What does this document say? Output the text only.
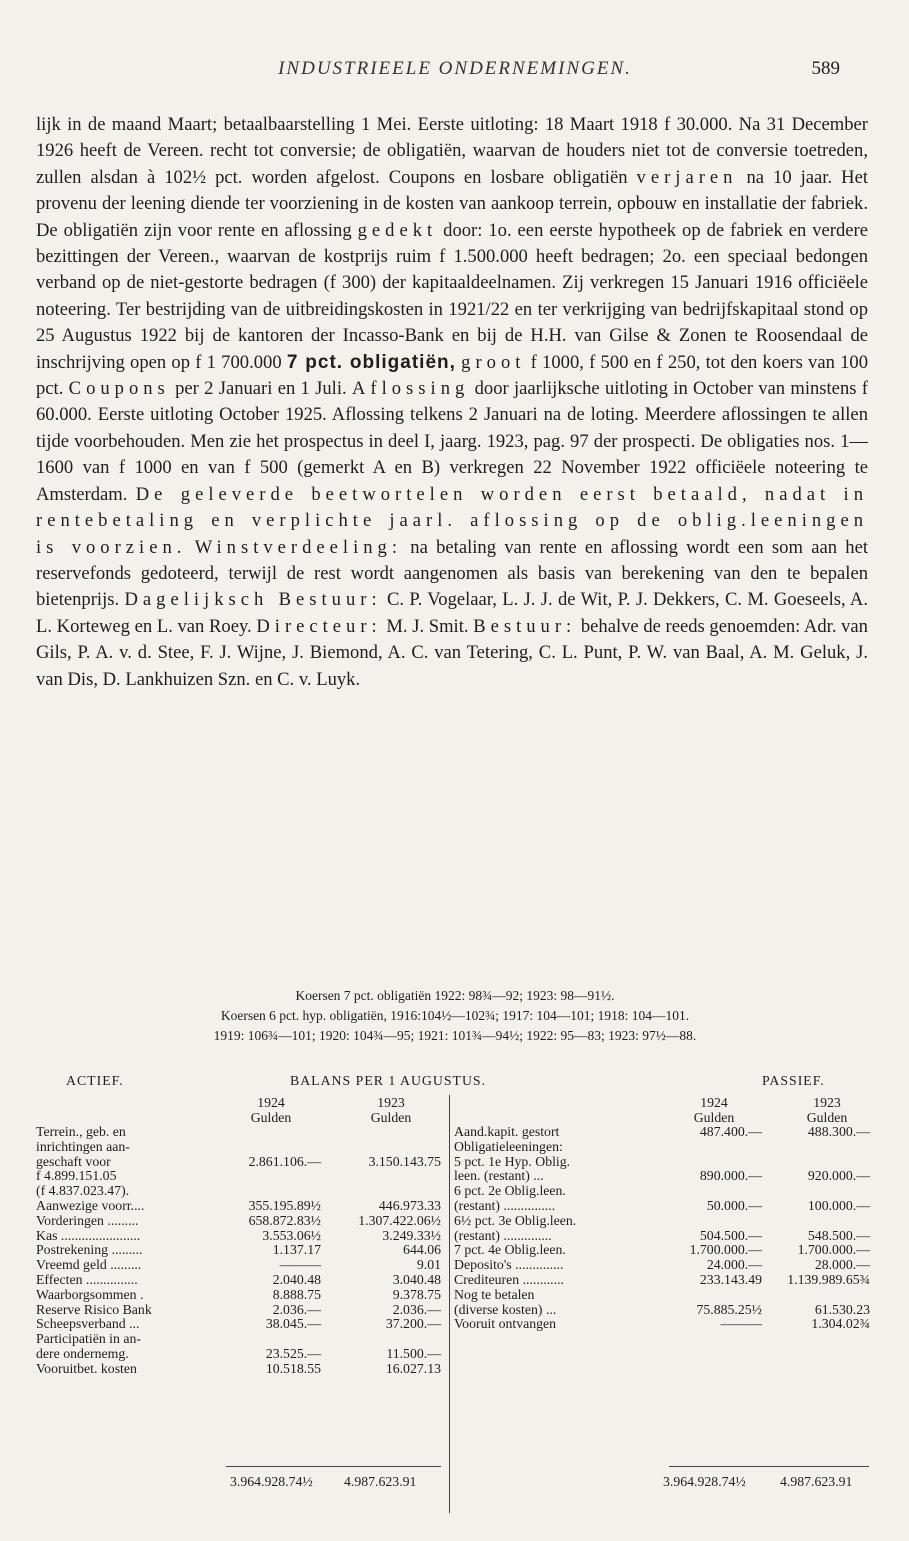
INDUSTRIEELE ONDERNEMINGEN.	589

lijk in de maand Maart; betaalbaarstelling 1 Mei. Eerste uitloting: 18 Maart 1918 f 30.000. Na 31 December 1926 heeft de Vereen. recht tot conversie; de obligatiën, waarvan de houders niet tot de conversie toetreden, zullen alsdan à 102½ pct. worden afgelost. Coupons en losbare obligatiën verjaren na 10 jaar. Het provenu der leening diende ter voorziening in de kosten van aankoop terrein, opbouw en installatie der fabriek. De obligatiën zijn voor rente en aflossing gedekt door: 1o. een eerste hypotheek op de fabriek en verdere bezittingen der Vereen., waarvan de kostprijs ruim f 1.500.000 heeft bedragen; 2o. een speciaal bedongen verband op de niet-gestorte bedragen (f 300) der kapitaaldeelnamen. Zij verkregen 15 Januari 1916 officiëele noteering. Ter bestrijding van de uitbreidingskosten in 1921/22 en ter verkrijging van bedrijfskapitaal stond op 25 Augustus 1922 bij de kantoren der Incasso-Bank en bij de H.H. van Gilse & Zonen te Roosendaal de inschrijving open op f 1 700.000 7 pct. obligatiën, groot f 1000, f 500 en f 250, tot den koers van 100 pct. Coupons per 2 Januari en 1 Juli. Aflossing door jaarlijksche uitloting in October van minstens f 60.000. Eerste uitloting October 1925. Aflossing telkens 2 Januari na de loting. Meerdere aflossingen te allen tijde voorbehouden. Men zie het prospectus in deel I, jaarg. 1923, pag. 97 der prospecti. De obligaties nos. 1—1600 van f 1000 en van f 500 (gemerkt A en B) verkregen 22 November 1922 officiëele noteering te Amsterdam. De geleverde beetwortelen worden eerst betaald, nadat in rentebetaling en verplichte jaarl. aflossing op de oblig.leeningen is voorzien. Winstverdeeling: na betaling van rente en aflossing wordt een som aan het reservefonds gedoteerd, terwijl de rest wordt aangenomen als basis van berekening van den te bepalen bietenprijs. Dagelijksch Bestuur: C. P. Vogelaar, L. J. J. de Wit, P. J. Dekkers, C. M. Goeseels, A. L. Korteweg en L. van Roey. Directeur: M. J. Smit. Bestuur: behalve de reeds genoemden: Adr. van Gils, P. A. v. d. Stee, F. J. Wijne, J. Biemond, A. C. van Tetering, C. L. Punt, P. W. van Baal, A. M. Geluk, J. van Dis, D. Lankhuizen Szn. en C. v. Luyk.

Koersen 7 pct. obligatiën 1922: 98¾—92; 1923: 98—91½.
Koersen 6 pct. hyp. obligatiën, 1916:104½—102¾; 1917: 104—101; 1918: 104—101.
1919: 106¾—101; 1920: 104¾—95; 1921: 101¾—94½; 1922: 95—83; 1923: 97½—88.
ACTIEF.	BALANS PER 1 AUGUSTUS.	PASSIEF.
1924
Gulden
1923
Gulden
Terrein., geb. en
inrichtingen aan-
geschaft voor	2.861.106.—	3.150.143.75
f 4.899.151.05
(f 4.837.023.47).
Aanwezige voorr....	355.195.89½	446.973.33
Vorderingen .........	658.872.83½	1.307.422.06½
Kas .......................	3.553.06½	3.249.33½
Postrekening .........	1.137.17	644.06
Vreemd geld .........	———	9.01
Effecten ...............	2.040.48	3.040.48
Waarborgsommen .	8.888.75	9.378.75
Reserve Risico Bank	2.036.—	2.036.—
Scheepsverband ...	38.045.—	37.200.—
Participatiën in an-
dere ondernemg.	23.525.—	11.500.—
Vooruitbet. kosten	10.518.55	16.027.13
1924
Gulden
1923
Gulden
Aand.kapit. gestort	487.400.—	488.300.—
Obligatieleeningen:
5 pct. 1e Hyp. Oblig.
leen. (restant) ...	890.000.—	920.000.—
6 pct. 2e Oblig.leen.
(restant) ...............	50.000.—	100.000.—
6½ pct. 3e Oblig.leen.
(restant) ..............	504.500.—	548.500.—
7 pct. 4e Oblig.leen.	1.700.000.—	1.700.000.—
Deposito's ..............	24.000.—	28.000.—
Crediteuren ............	233.143.49 1.139.989.65¾
Nog te betalen
(diverse kosten) ...	75.885.25½	61.530.23
Vooruit ontvangen	———	1.304.02¾
3.964.928.74½ 4.987.623.91	3.964.928.74½ 4.987.623.91
